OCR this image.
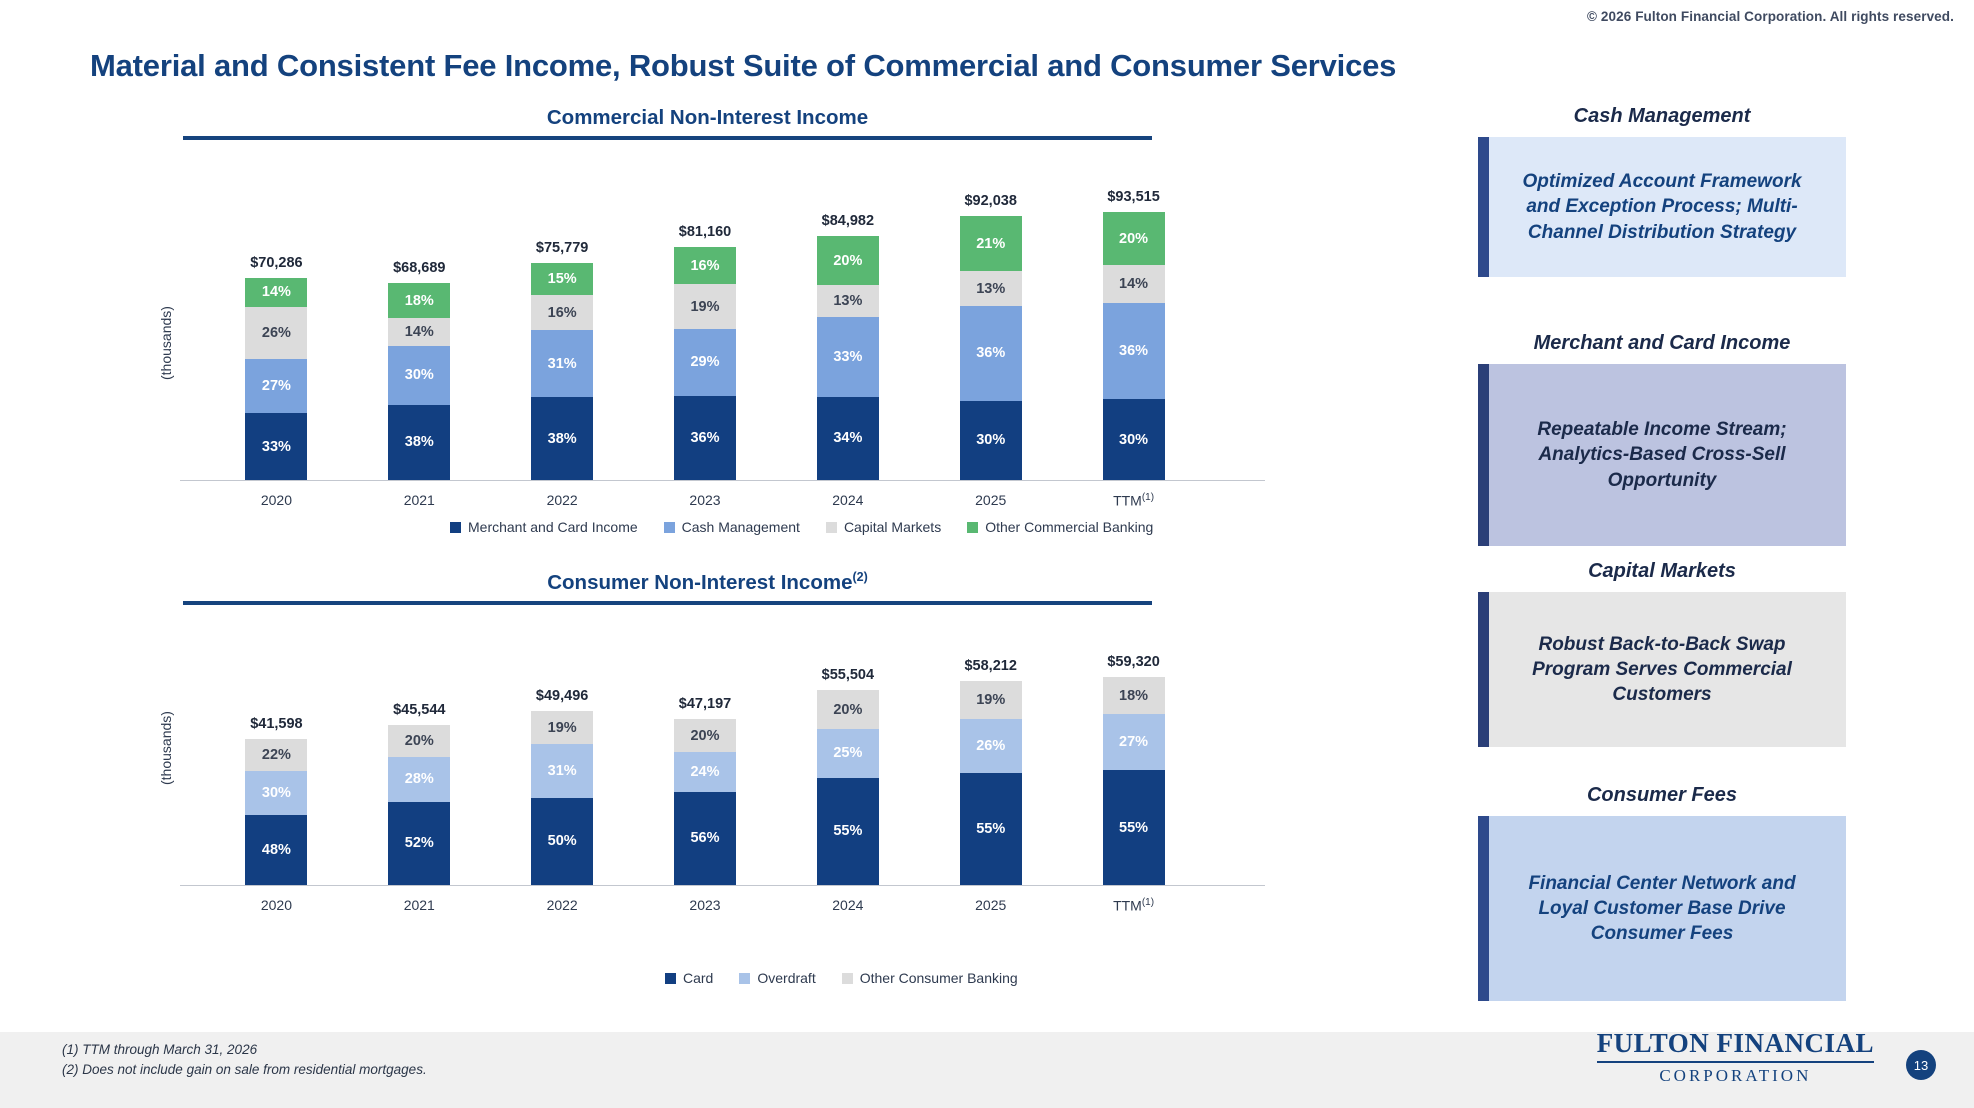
© 2026 Fulton Financial Corporation. All rights reserved.
Material and Consistent Fee Income, Robust Suite of Commercial and Consumer Services
Commercial Non-Interest Income
(thousands)
14%
26%
27%
33%
$70,286
2020
18%
14%
30%
38%
$68,689
2021
15%
16%
31%
38%
$75,779
2022
16%
19%
29%
36%
$81,160
2023
20%
13%
33%
34%
$84,982
2024
21%
13%
36%
30%
$92,038
2025
20%
14%
36%
30%
$93,515
TTM$^{(1)}$
Merchant and Card Income	Cash Management	Capital Markets	Other Commercial Banking
Consumer Non-Interest Income$^{(2)}$
(thousands)	22%
30%
48%
$41,598
2020
20%
28%
52%
$45,544
2021
19%
31%
50%
$49,496
2022
20%
24%
56%
$47,197
2023
20%
25%
55%
$55,504
2024
19%
26%
55%
$58,212
2025
18%
27%
55%
$59,320
TTM$^{(1)}$
Card	Overdraft	Other Consumer Banking
Cash Management
Optimized Account Framework and Exception Process; Multi-Channel Distribution Strategy
Merchant and Card Income
Repeatable Income Stream; Analytics-Based Cross-Sell Opportunity
Capital Markets
Robust Back-to-Back Swap Program Serves Commercial Customers
Consumer Fees
Financial Center Network and Loyal Customer Base Drive Consumer Fees
(1) TTM through March 31, 2026
(2) Does not include gain on sale from residential mortgages.
FULTON FINANCIAL
CORPORATION
13
